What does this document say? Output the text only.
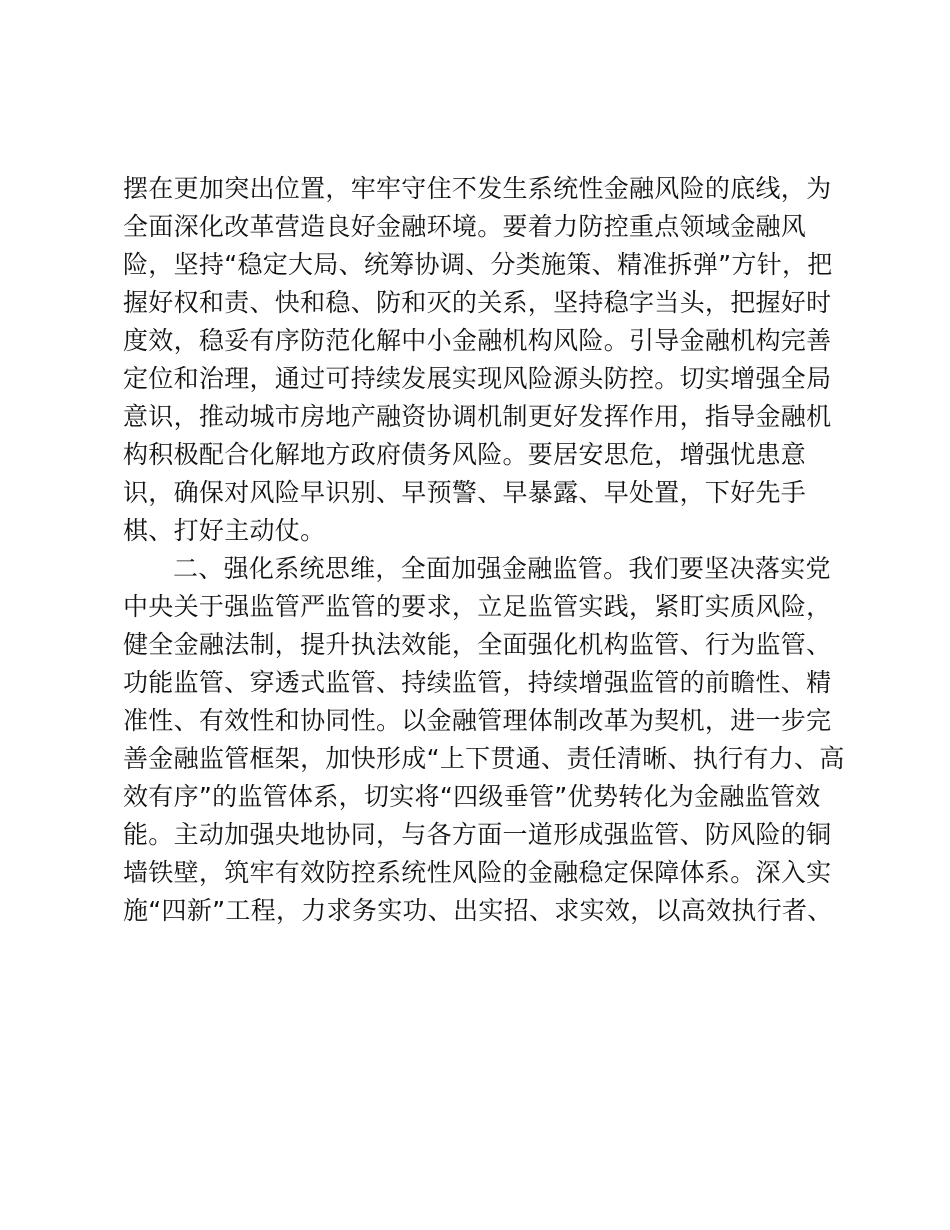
摆在更加突出位置，牢牢守住不发生系统性金融风险的底线，为
全面深化改革营造良好金融环境。要着力防控重点领域金融风
险，坚持“稳定大局、统筹协调、分类施策、精准拆弹”方针，把
握好权和责、快和稳、防和灭的关系，坚持稳字当头，把握好时
度效，稳妥有序防范化解中小金融机构风险。引导金融机构完善
定位和治理，通过可持续发展实现风险源头防控。切实增强全局
意识，推动城市房地产融资协调机制更好发挥作用，指导金融机
构积极配合化解地方政府债务风险。要居安思危，增强忧患意
识，确保对风险早识别、早预警、早暴露、早处置，下好先手
棋、打好主动仗。
二、强化系统思维，全面加强金融监管。我们要坚决落实党
中央关于强监管严监管的要求，立足监管实践，紧盯实质风险，
健全金融法制，提升执法效能，全面强化机构监管、行为监管、
功能监管、穿透式监管、持续监管，持续增强监管的前瞻性、精
准性、有效性和协同性。以金融管理体制改革为契机，进一步完
善金融监管框架，加快形成“上下贯通、责任清晰、执行有力、高
效有序”的监管体系，切实将“四级垂管”优势转化为金融监管效
能。主动加强央地协同，与各方面一道形成强监管、防风险的铜
墙铁壁，筑牢有效防控系统性风险的金融稳定保障体系。深入实
施“四新”工程，力求务实功、出实招、求实效，以高效执行者、
